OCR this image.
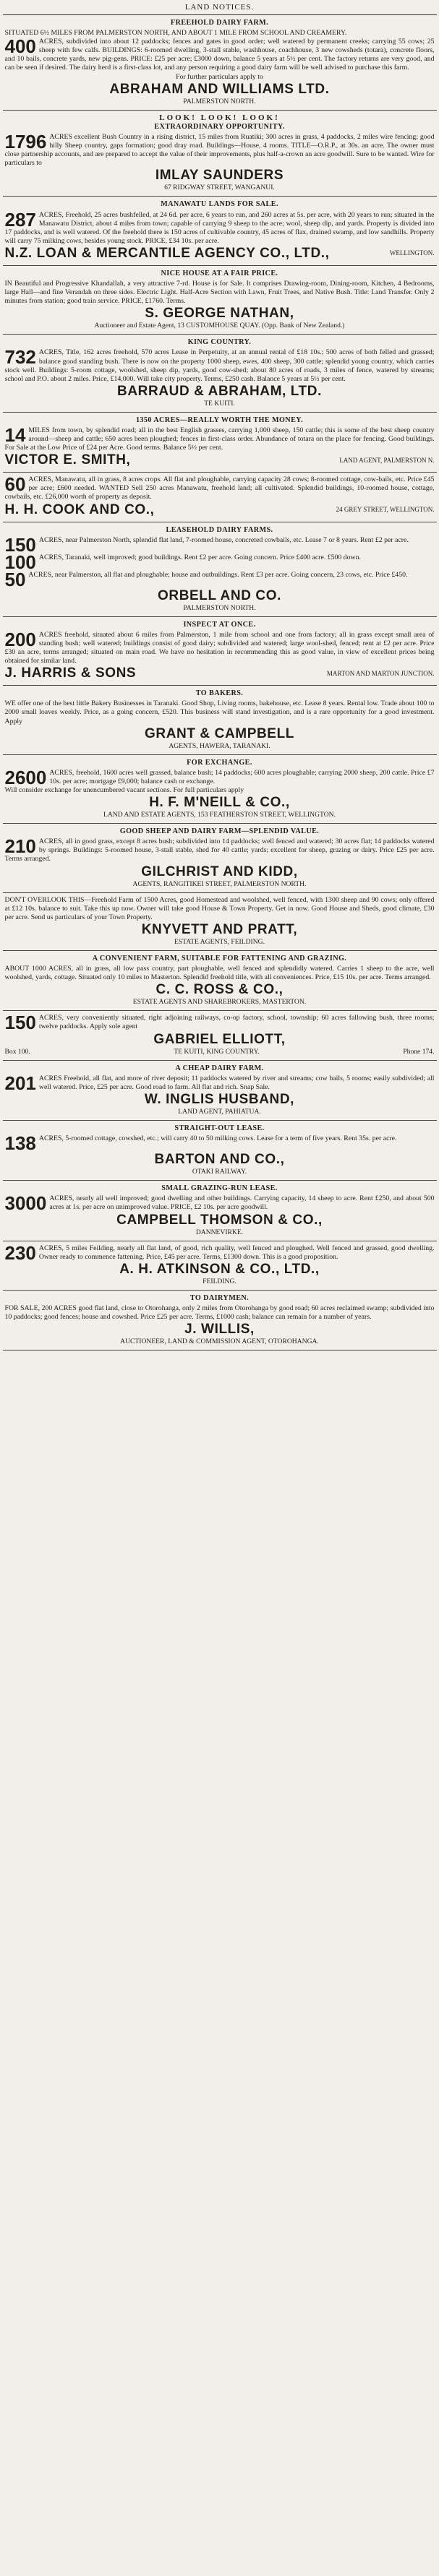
LAND NOTICES.
FREEHOLD DAIRY FARM.
SITUATED 6½ MILES FROM PALMERSTON NORTH, AND ABOUT 1 MILE FROM SCHOOL AND CREAMERY.
400 ACRES, subdivided into about 12 paddocks; fences and gates in good order; well watered by permanent creeks; carrying 55 cows; 25 sheep with few calfs. BUILDINGS: 6-roomed dwelling, 3-stall stable, washhouse, coachhouse, 3 new cowsheds (totara), concrete floors, and 10 bails, concrete yards, new pig-gens. PRICE: £25 per acre; £3000 down, balance 5 years at 5½ per cent. The factory returns are very good, and can be seen if desired. The dairy herd is a first-class lot, and any person requiring a good dairy farm will be well advised to purchase this farm.
For further particulars apply to
ABRAHAM AND WILLIAMS LTD.
PALMERSTON NORTH.
LOOK! LOOK! LOOK!
EXTRAORDINARY OPPORTUNITY.
1796 ACRES excellent Bush Country in a rising district, 15 miles from Ruatiki; 300 acres in grass, 4 paddocks, 2 miles wire fencing; good hilly Sheep country, gaps formation; good dray road. Buildings—House, 4 rooms. TITLE—O.R.P., at 30s. an acre. The owner must close partnership accounts, and are prepared to accept the value of their improvements, plus half-a-crown an acre goodwill. Sure to be wanted. Wire for particulars to
IMLAY SAUNDERS
67 RIDGWAY STREET, WANGANUI.
MANAWATU LANDS FOR SALE.
287 ACRES, Freehold, 25 acres bushfelled, at 24 6d. per acre, 6 years to run, and 260 acres at 5s. per acre, with 20 years to run; situated in the Manawatu District, about 4 miles from town; capable of carrying 9 sheep to the acre; wool, sheep dip, and yards. Property is divided into 17 paddocks, and is well watered. Of the freehold there is 150 acres of cultivable country, 45 acres of flax, drained swamp, and low sandhills. Property will carry 75 milking cows, besides young stock. PRICE, £34 10s. per acre.
N.Z. LOAN & MERCANTILE AGENCY CO., LTD.,	WELLINGTON.
NICE HOUSE AT A FAIR PRICE.
IN Beautiful and Progressive Khandallah, a very attractive 7-rd. House is for Sale. It comprises Drawing-room, Dining-room, Kitchen, 4 Bedrooms, large Hall—and fine Verandah on three sides. Electric Light. Half-Acre Section with Lawn, Fruit Trees, and Native Bush. Title: Land Transfer. Only 2 minutes from station; good train service. PRICE, £1760. Terms.
S. GEORGE NATHAN,
Auctioneer and Estate Agent, 13 CUSTOMHOUSE QUAY. (Opp. Bank of New Zealand.)
KING COUNTRY.
732 ACRES, Title, 162 acres freehold, 570 acres Lease in Perpetuity, at an annual rental of £18 10s.; 500 acres of both felled and grassed; balance good standing bush. There is now on the property 1000 sheep, ewes, 400 sheep, 300 cattle; splendid young country, which carries stock well. Buildings: 5-room cottage, woolshed, sheep dip, yards, good cow-shed; about 80 acres of roads, 3 miles of fence, watered by streams; school and P.O. about 2 miles. Price, £14,000. Will take city property. Terms, £250 cash. Balance 5 years at 5½ per cent.
BARRAUD & ABRAHAM, LTD.
TE KUITI.
1350 ACRES—REALLY WORTH THE MONEY.
14 MILES from town, by splendid road; all in the best English grasses, carrying 1,000 sheep, 150 cattle; this is some of the best sheep country around—sheep and cattle; 650 acres been ploughed; fences in first-class order. Abundance of totara on the place for fencing. Good buildings. For Sale at the Low Price of £24 per Acre. Good terms. Balance 5½ per cent.
VICTOR E. SMITH,	LAND AGENT, PALMERSTON N.
60 ACRES, Manawatu, all in grass, 8 acres crops. All flat and ploughable, carrying capacity 28 cows; 8-roomed cottage, cow-bails, etc. Price £45 per acre; £600 needed. WANTED Sell 250 acres Manawatu, freehold land; all cultivated. Splendid buildings, 10-roomed house, cottage, cowbails, etc. £26,000 worth of property as deposit.
H. H. COOK AND CO.,	24 GREY STREET, WELLINGTON.
LEASEHOLD DAIRY FARMS.
150 ACRES, near Palmerston North, splendid flat land, 7-roomed house, concreted cowbails, etc. Lease 7 or 8 years. Rent £2 per acre.
100 ACRES, Taranaki, well improved; good buildings. Rent £2 per acre. Going concern. Price £400 acre. £500 down.
50 ACRES, near Palmerston, all flat and ploughable; house and outbuildings. Rent £3 per acre. Going concern, 23 cows, etc. Price £450.
ORBELL AND CO.
PALMERSTON NORTH.
INSPECT AT ONCE.
200 ACRES freehold, situated about 6 miles from Palmerston, 1 mile from school and one from factory; all in grass except small area of standing bush; well watered; buildings consist of good dairy; subdivided and watered; large wool-shed, fenced; rent at £2 per acre. Price £30 an acre, terms arranged; situated on main road. We have no hesitation in recommending this as good value, in view of excellent prices being obtained for similar land.
J. HARRIS & SONS	MARTON AND MARTON JUNCTION.
TO BAKERS.
WE offer one of the best little Bakery Businesses in Taranaki. Good Shop, Living rooms, bakehouse, etc. Lease 8 years. Rental low. Trade about 100 to 2000 small loaves weekly. Price, as a going concern, £520. This business will stand investigation, and is a rare opportunity for a good investment. Apply
GRANT & CAMPBELL
AGENTS, HAWERA, TARANAKI.
FOR EXCHANGE.
2600 ACRES, freehold, 1600 acres well grassed, balance bush; 14 paddocks; 600 acres ploughable; carrying 2000 sheep, 200 cattle. Price £7 10s. per acre; mortgage £9,000; balance cash or exchange.
Will consider exchange for unencumbered vacant sections. For full particulars apply
H. F. M'NEILL & CO.,
LAND AND ESTATE AGENTS, 153 FEATHERSTON STREET, WELLINGTON.
GOOD SHEEP AND DAIRY FARM—SPLENDID VALUE.
210 ACRES, all in good grass, except 8 acres bush; subdivided into 14 paddocks; well fenced and watered; 30 acres flat; 14 paddocks watered by springs. Buildings: 5-roomed house, 3-stall stable, shed for 40 cattle; yards; excellent for sheep, grazing or dairy. Price £25 per acre. Terms arranged.
GILCHRIST AND KIDD,
AGENTS, RANGITIKEI STREET, PALMERSTON NORTH.
DON'T OVERLOOK THIS—Freehold Farm of 1500 Acres, good Homestead and woolshed, well fenced, with 1300 sheep and 90 cows; only offered at £12 10s. balance to suit. Take this up now. Owner will take good House & Town Property. Get in now. Good House and Sheds, good climate, £30 per acre. Send us particulars of your Town Property.
KNYVETT AND PRATT,
ESTATE AGENTS, FEILDING.
A CONVENIENT FARM, SUITABLE FOR FATTENING AND GRAZING.
ABOUT 1000 ACRES, all in grass, all low pass country, part ploughable, well fenced and splendidly watered. Carries 1 sheep to the acre, well woolshed, yards, cottage. Situated only 10 miles to Masterton. Splendid freehold title, with all conveniences. Price, £15 10s. per acre. Terms arranged.
C. C. ROSS & CO.,
ESTATE AGENTS AND SHAREBROKERS, MASTERTON.
150 ACRES, very conveniently situated, right adjoining railways, co-op factory, school, township; 60 acres fallowing bush, three rooms; twelve paddocks. Apply sole agent
GABRIEL ELLIOTT,
Box 100.	TE KUITI, KING COUNTRY.	Phone 174.
A CHEAP DAIRY FARM.
201 ACRES Freehold, all flat, and more of river deposit; 11 paddocks watered by river and streams; cow bails, 5 rooms; easily subdivided; all well watered. Price, £25 per acre. Good road to farm. All flat and rich. Snap Sale.
W. INGLIS HUSBAND,
LAND AGENT, PAHIATUA.
STRAIGHT-OUT LEASE.
138 ACRES, 5-roomed cottage, cowshed, etc.; will carry 40 to 50 milking cows. Lease for a term of five years. Rent 35s. per acre.
BARTON AND CO.,
OTAKI RAILWAY.
SMALL GRAZING-RUN LEASE.
3000 ACRES, nearly all well improved; good dwelling and other buildings. Carrying capacity, 14 sheep to acre. Rent £250, and about 500 acres at 1s. per acre on unimproved value. PRICE, £2 10s. per acre goodwill.
CAMPBELL THOMSON & CO.,
DANNEVIRKE.
230 ACRES, 5 miles Feilding, nearly all flat land, of good, rich quality, well fenced and ploughed. Well fenced and grassed, good dwelling. Owner ready to commence fattening. Price, £45 per acre. Terms, £1300 down. This is a good proposition.
A. H. ATKINSON & CO., LTD.,
FEILDING.
TO DAIRYMEN.
FOR SALE, 200 ACRES good flat land, close to Otorohanga, only 2 miles from Otorohanga by good road; 60 acres reclaimed swamp; subdivided into 10 paddocks; good fences; house and cowshed. Price £25 per acre. Terms, £1000 cash; balance can remain for a number of years.
J. WILLIS,
AUCTIONEER, LAND & COMMISSION AGENT, OTOROHANGA.
